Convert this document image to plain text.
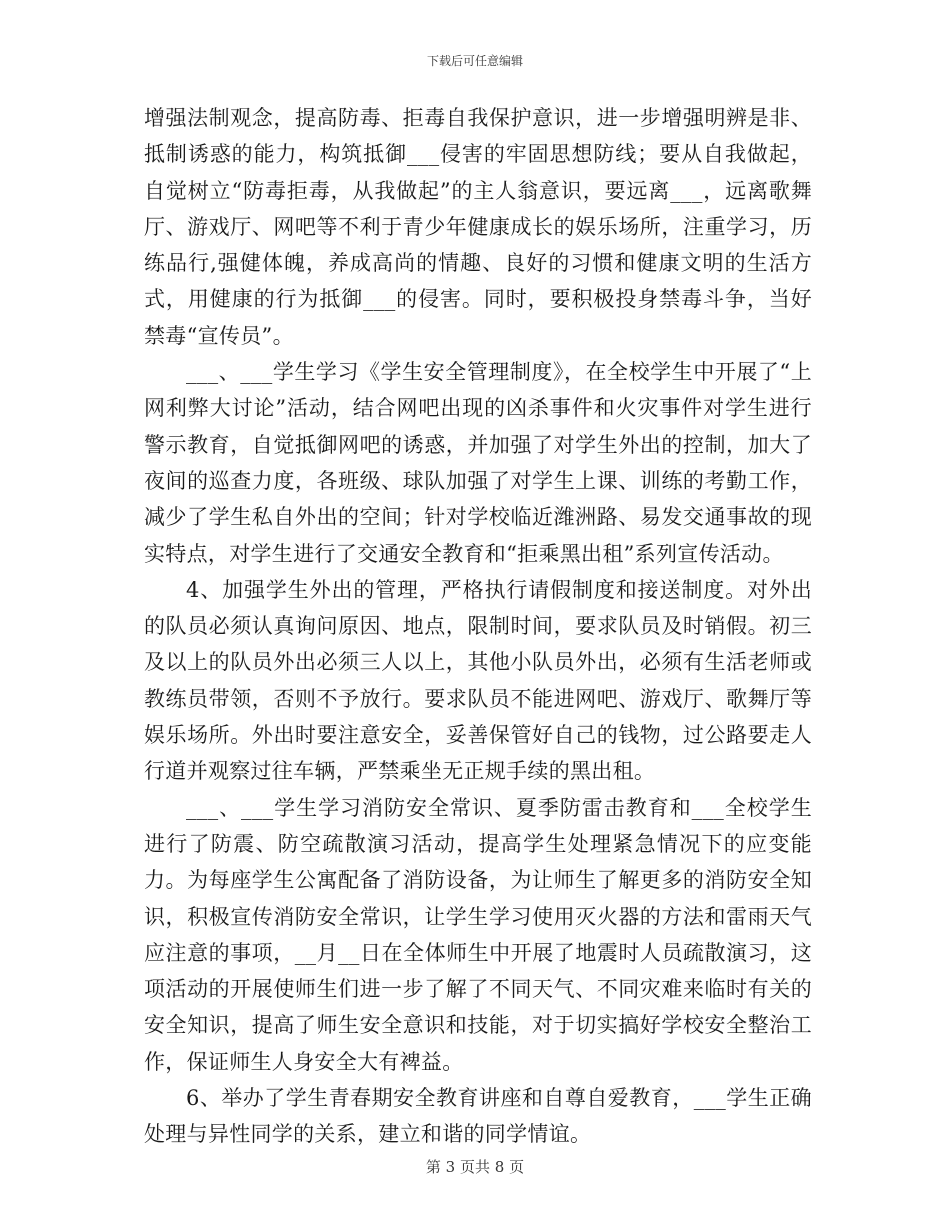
下载后可任意编辑

增强法制观念，提高防毒、拒毒自我保护意识，进一步增强明辨是非、抵制诱惑的能力，构筑抵御___侵害的牢固思想防线；要从自我做起，自觉树立“防毒拒毒，从我做起”的主人翁意识，要远离___，远离歌舞厅、游戏厅、网吧等不利于青少年健康成长的娱乐场所，注重学习，历练品行,强健体魄，养成高尚的情趣、良好的习惯和健康文明的生活方式，用健康的行为抵御___的侵害。同时，要积极投身禁毒斗争，当好禁毒“宣传员”。

___、___学生学习《学生安全管理制度》，在全校学生中开展了“上网利弊大讨论”活动，结合网吧出现的凶杀事件和火灾事件对学生进行警示教育，自觉抵御网吧的诱惑，并加强了对学生外出的控制，加大了夜间的巡查力度，各班级、球队加强了对学生上课、训练的考勤工作，减少了学生私自外出的空间；针对学校临近潍洲路、易发交通事故的现实特点，对学生进行了交通安全教育和“拒乘黑出租”系列宣传活动。

4、加强学生外出的管理，严格执行请假制度和接送制度。对外出的队员必须认真询问原因、地点，限制时间，要求队员及时销假。初三及以上的队员外出必须三人以上，其他小队员外出，必须有生活老师或教练员带领，否则不予放行。要求队员不能进网吧、游戏厅、歌舞厅等娱乐场所。外出时要注意安全，妥善保管好自己的钱物，过公路要走人行道并观察过往车辆，严禁乘坐无正规手续的黑出租。

___、___学生学习消防安全常识、夏季防雷击教育和___全校学生进行了防震、防空疏散演习活动，提高学生处理紧急情况下的应变能力。为每座学生公寓配备了消防设备，为让师生了解更多的消防安全知识，积极宣传消防安全常识，让学生学习使用灭火器的方法和雷雨天气应注意的事项，__月__日在全体师生中开展了地震时人员疏散演习，这项活动的开展使师生们进一步了解了不同天气、不同灾难来临时有关的安全知识，提高了师生安全意识和技能，对于切实搞好学校安全整治工作，保证师生人身安全大有裨益。

6、举办了学生青春期安全教育讲座和自尊自爱教育，___学生正确处理与异性同学的关系，建立和谐的同学情谊。

第 3 页共 8 页
